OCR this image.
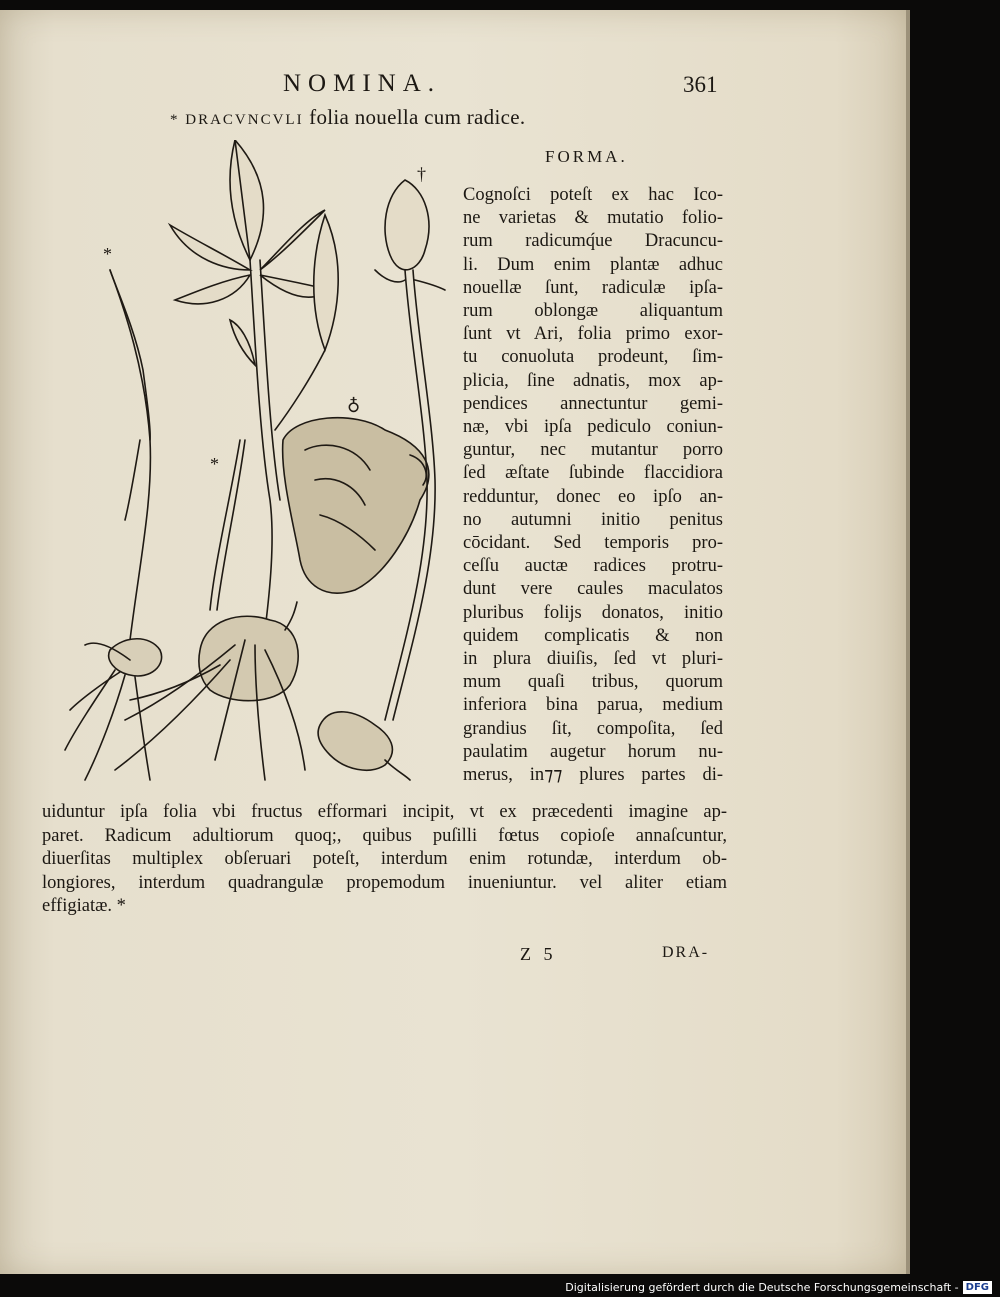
NOMINA.	361
* DRACVNCVLI folia nouella cum radice.
FORMA.
Cognoſci poteſt ex hac Ico-
ne varietas & mutatio folio-
rum radicumq́ue Dracuncu-
li. Dum enim plantæ adhuc
nouellæ ſunt, radiculæ ipſa-
rum oblongæ aliquantum
ſunt vt Ari, folia primo exor-
tu conuoluta prodeunt, ſim-
plicia, ſine adnatis, mox ap-
pendices annectuntur gemi-
næ, vbi ipſa pediculo coniun-
guntur, nec mutantur porro
ſed æſtate ſubinde flaccidiora
redduntur, donec eo ipſo an-
no autumni initio penitus
cōcidant. Sed temporis pro-
ceſſu auctæ radices protru-
dunt vere caules maculatos
pluribus folijs donatos, initio
quidem complicatis & non
in plura diuiſis, ſed vt pluri-
mum quaſi tribus, quorum
inferiora bina parua, medium
grandius ſit, compoſita, ſed
paulatim augetur horum nu-
merus, in⁊⁊ plures partes di-
uiduntur ipſa folia vbi fructus efformari incipit, vt ex præcedenti imagine ap-
paret. Radicum adultiorum quoq;, quibus puſilli fœtus copioſe annaſcuntur,
diuerſitas multiplex obſeruari poteſt, interdum enim rotundæ, interdum ob-
longiores, interdum quadrangulæ propemodum inueniuntur. vel aliter etiam
effigiatæ. *
Z 5	DRA-
*
*
†
♁
Digitalisierung gefördert durch die Deutsche Forschungsgemeinschaft - DFG
